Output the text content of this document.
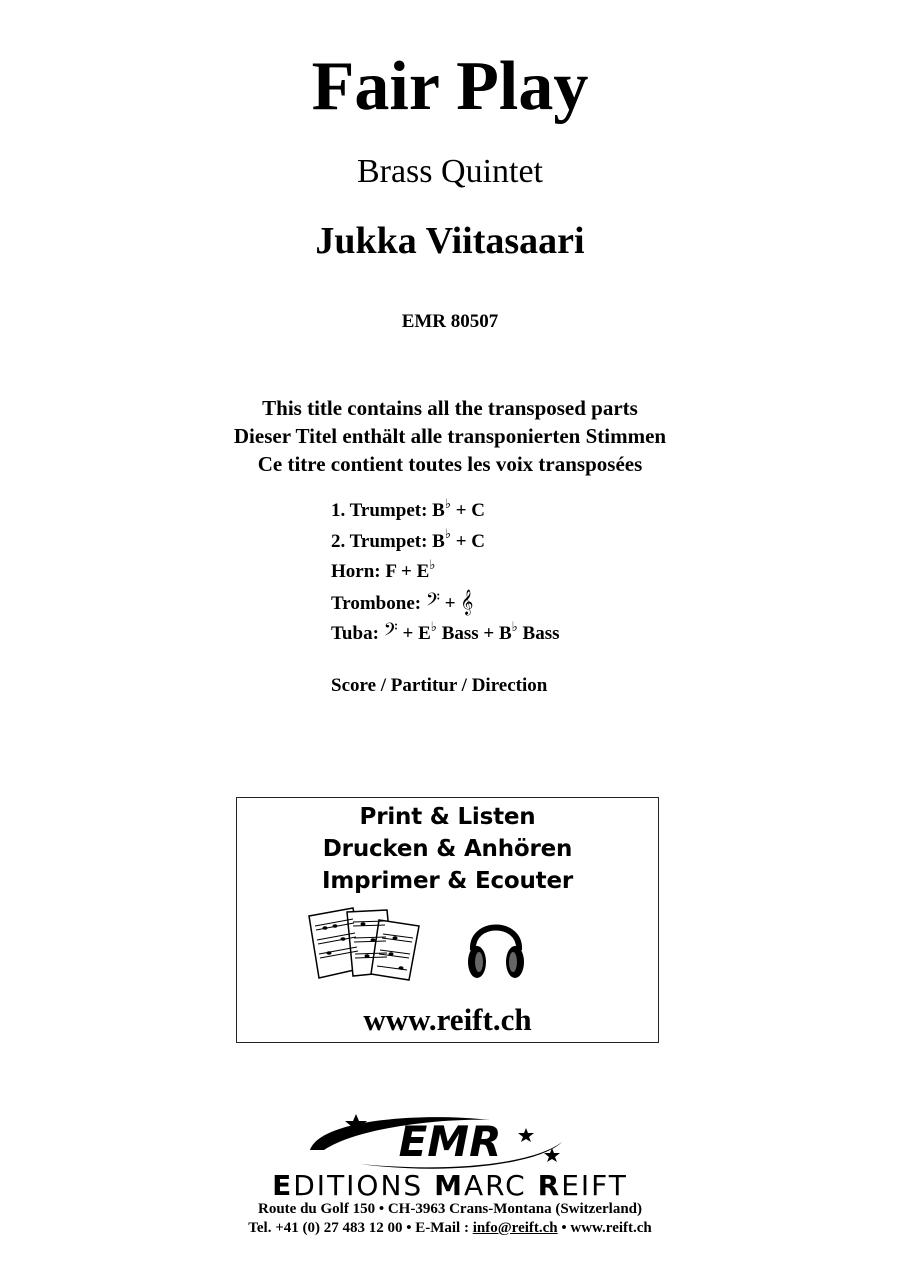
Fair Play
Brass Quintet
Jukka Viitasaari
EMR 80507
This title contains all the transposed parts
Dieser Titel enthält alle transponierten Stimmen
Ce titre contient toutes les voix transposées
1. Trumpet: B♭ + C
2. Trumpet: B♭ + C
Horn: F + E♭
Trombone: 𝄢 + 𝄞
Tuba: 𝄢 + E♭ Bass + B♭ Bass
Score / Partitur / Direction
Print & Listen
Drucken & Anhören
Imprimer & Ecouter
www.reift.ch
EMR
EDITIONS MARC REIFT
Route du Golf 150 • CH-3963 Crans-Montana (Switzerland)
Tel. +41 (0) 27 483 12 00 • E-Mail : info@reift.ch • www.reift.ch
